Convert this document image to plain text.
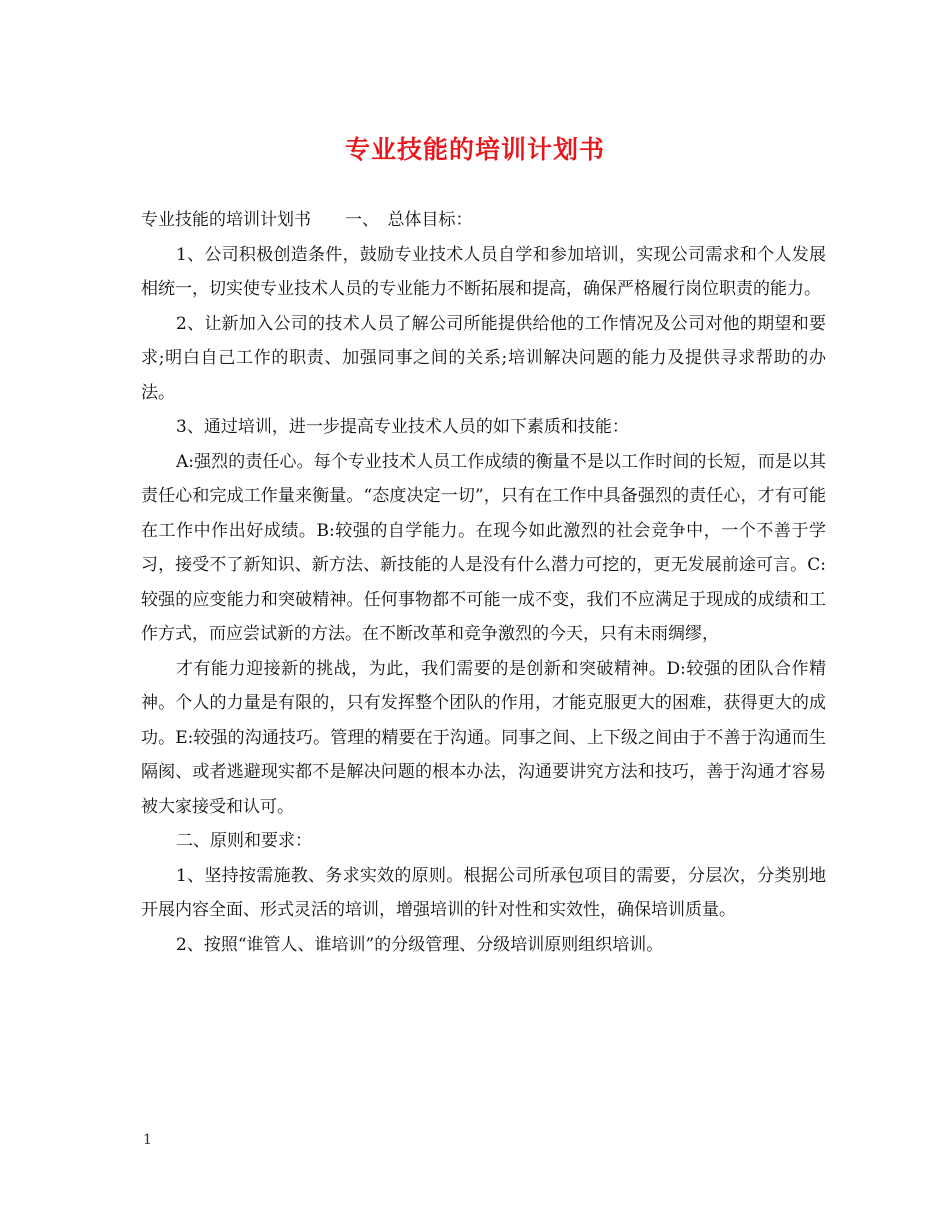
专业技能的培训计划书

专业技能的培训计划书　　一、　总体目标：

1、公司积极创造条件，鼓励专业技术人员自学和参加培训，实现公司需求和个人发展相统一，切实使专业技术人员的专业能力不断拓展和提高，确保严格履行岗位职责的能力。

2、让新加入公司的技术人员了解公司所能提供给他的工作情况及公司对他的期望和要求;明白自己工作的职责、加强同事之间的关系;培训解决问题的能力及提供寻求帮助的办法。

3、通过培训，进一步提高专业技术人员的如下素质和技能：

A:强烈的责任心。每个专业技术人员工作成绩的衡量不是以工作时间的长短，而是以其责任心和完成工作量来衡量。“态度决定一切”，只有在工作中具备强烈的责任心，才有可能在工作中作出好成绩。B:较强的自学能力。在现今如此激烈的社会竞争中，一个不善于学习，接受不了新知识、新方法、新技能的人是没有什么潜力可挖的，更无发展前途可言。C:较强的应变能力和突破精神。任何事物都不可能一成不变，我们不应满足于现成的成绩和工作方式，而应尝试新的方法。在不断改革和竞争激烈的今天，只有未雨绸缪，

才有能力迎接新的挑战，为此，我们需要的是创新和突破精神。D:较强的团队合作精神。个人的力量是有限的，只有发挥整个团队的作用，才能克服更大的困难，获得更大的成功。E:较强的沟通技巧。管理的精要在于沟通。同事之间、上下级之间由于不善于沟通而生隔阂、或者逃避现实都不是解决问题的根本办法，沟通要讲究方法和技巧，善于沟通才容易被大家接受和认可。

二、原则和要求：

1、坚持按需施教、务求实效的原则。根据公司所承包项目的需要，分层次，分类别地开展内容全面、形式灵活的培训，增强培训的针对性和实效性，确保培训质量。

2、按照“谁管人、谁培训”的分级管理、分级培训原则组织培训。

1
